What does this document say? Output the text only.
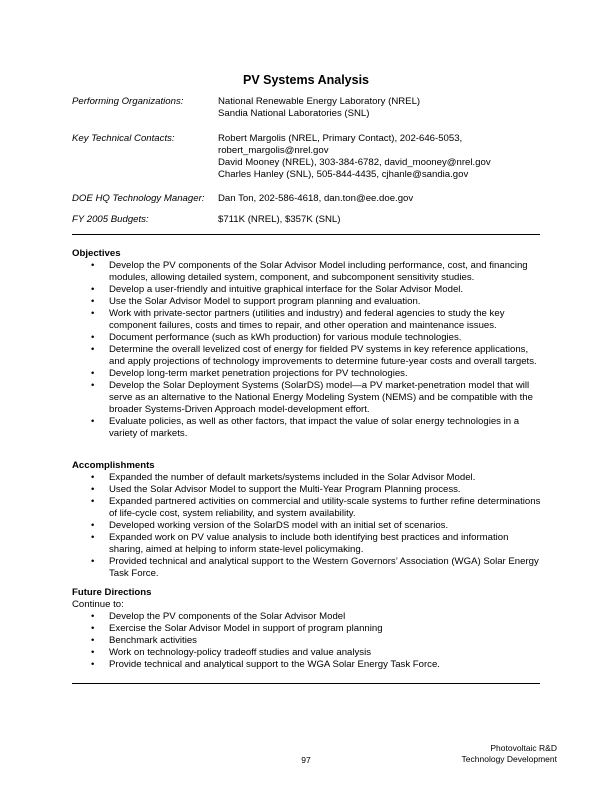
PV Systems Analysis
Performing Organizations:	National Renewable Energy Laboratory (NREL)
Sandia National Laboratories (SNL)
Key Technical Contacts:	Robert Margolis (NREL, Primary Contact), 202-646-5053,
robert_margolis@nrel.gov
David Mooney (NREL), 303-384-6782, david_mooney@nrel.gov
Charles Hanley (SNL), 505-844-4435, cjhanle@sandia.gov
DOE HQ Technology Manager: Dan Ton, 202-586-4618, dan.ton@ee.doe.gov
FY 2005 Budgets:	$711K (NREL), $357K (SNL)
Objectives
• Develop the PV components of the Solar Advisor Model including performance, cost, and financing modules, allowing detailed system, component, and subcomponent sensitivity studies.
• Develop a user-friendly and intuitive graphical interface for the Solar Advisor Model.
• Use the Solar Advisor Model to support program planning and evaluation.
• Work with private-sector partners (utilities and industry) and federal agencies to study the key component failures, costs and times to repair, and other operation and maintenance issues.
• Document performance (such as kWh production) for various module technologies.
• Determine the overall levelized cost of energy for fielded PV systems in key reference applications, and apply projections of technology improvements to determine future-year costs and overall targets.
• Develop long-term market penetration projections for PV technologies.
• Develop the Solar Deployment Systems (SolarDS) model—a PV market-penetration model that will serve as an alternative to the National Energy Modeling System (NEMS) and be compatible with the broader Systems-Driven Approach model-development effort.
• Evaluate policies, as well as other factors, that impact the value of solar energy technologies in a variety of markets.
Accomplishments
• Expanded the number of default markets/systems included in the Solar Advisor Model.
• Used the Solar Advisor Model to support the Multi-Year Program Planning process.
• Expanded partnered activities on commercial and utility-scale systems to further refine determinations of life-cycle cost, system reliability, and system availability.
• Developed working version of the SolarDS model with an initial set of scenarios.
• Expanded work on PV value analysis to include both identifying best practices and information sharing, aimed at helping to inform state-level policymaking.
• Provided technical and analytical support to the Western Governors’ Association (WGA) Solar Energy Task Force.
Future Directions
Continue to:
• Develop the PV components of the Solar Advisor Model
• Exercise the Solar Advisor Model in support of program planning
• Benchmark activities
• Work on technology-policy tradeoff studies and value analysis
• Provide technical and analytical support to the WGA Solar Energy Task Force.
97
Photovoltaic R&D
Technology Development
